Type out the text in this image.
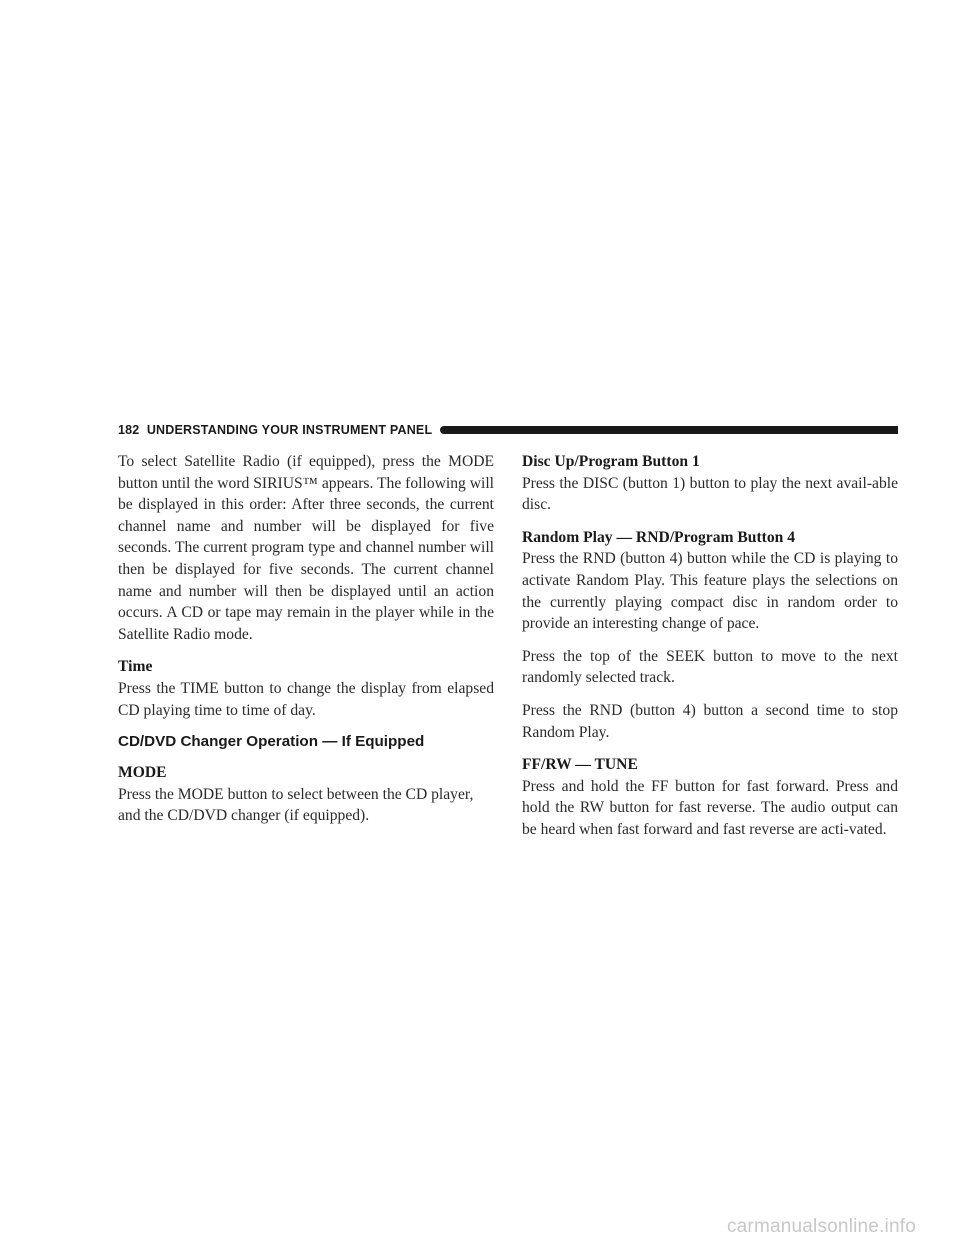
182 UNDERSTANDING YOUR INSTRUMENT PANEL

To select Satellite Radio (if equipped), press the MODE button until the word SIRIUS™ appears. The following will be displayed in this order: After three seconds, the current channel name and number will be displayed for five seconds. The current program type and channel number will then be displayed for five seconds. The current channel name and number will then be displayed until an action occurs. A CD or tape may remain in the player while in the Satellite Radio mode.

Time

Press the TIME button to change the display from elapsed CD playing time to time of day.

CD/DVD Changer Operation — If Equipped
MODE

Press the MODE button to select between the CD player, and the CD/DVD changer (if equipped).

Disc Up/Program Button 1

Press the DISC (button 1) button to play the next avail-able disc.

Random Play — RND/Program Button 4

Press the RND (button 4) button while the CD is playing to activate Random Play. This feature plays the selections on the currently playing compact disc in random order to provide an interesting change of pace.

Press the top of the SEEK button to move to the next randomly selected track.

Press the RND (button 4) button a second time to stop Random Play.

FF/RW — TUNE

Press and hold the FF button for fast forward. Press and hold the RW button for fast reverse. The audio output can be heard when fast forward and fast reverse are acti-vated.

carmanualsonline.info
